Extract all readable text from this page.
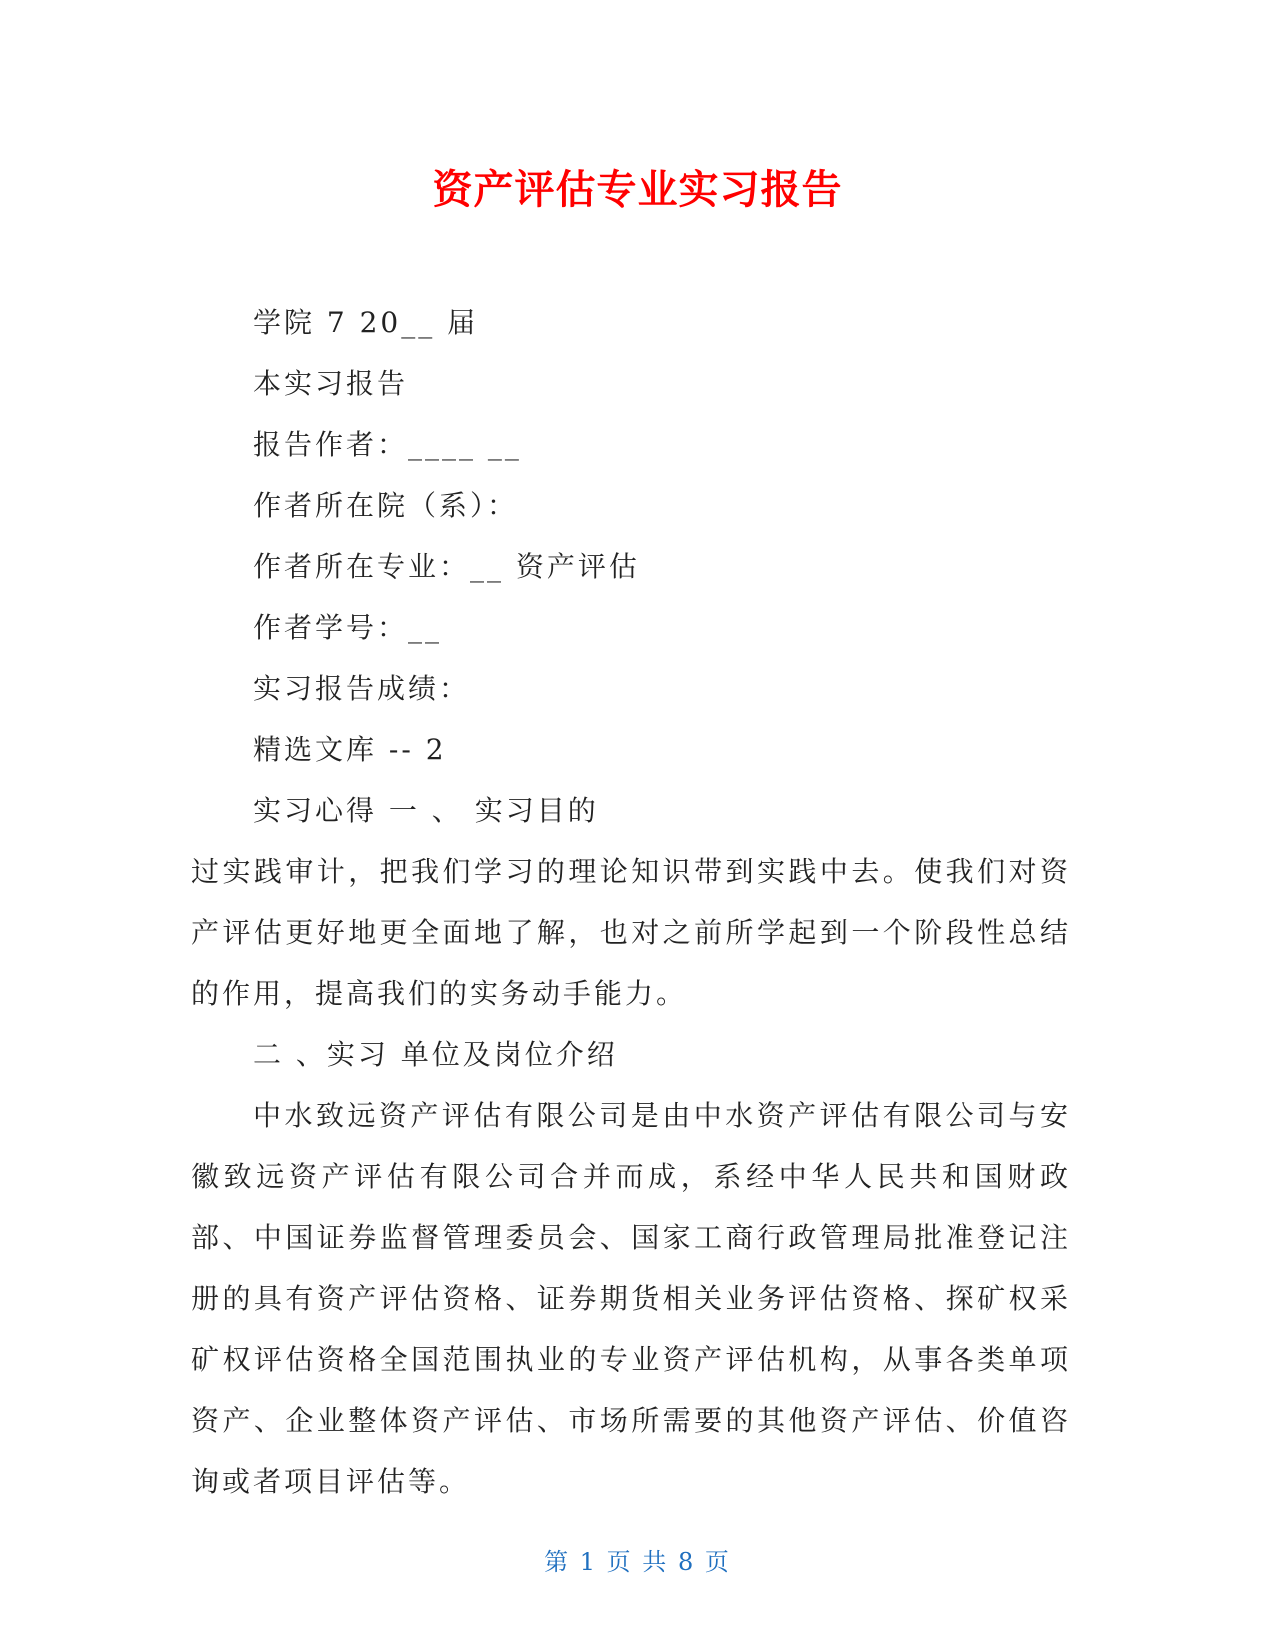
资产评估专业实习报告

学院 7 20__ 届

本实习报告

报告作者：____ __

作者所在院（系）：

作者所在专业：__ 资产评估

作者学号：__

实习报告成绩：

精选文库 -- 2

实习心得 一 、 实习目的

过实践审计，把我们学习的理论知识带到实践中去。使我们对资产评估更好地更全面地了解，也对之前所学起到一个阶段性总结的作用，提高我们的实务动手能力。

二 、实习 单位及岗位介绍

中水致远资产评估有限公司是由中水资产评估有限公司与安徽致远资产评估有限公司合并而成，系经中华人民共和国财政部、中国证券监督管理委员会、国家工商行政管理局批准登记注册的具有资产评估资格、证券期货相关业务评估资格、探矿权采矿权评估资格全国范围执业的专业资产评估机构，从事各类单项资产、企业整体资产评估、市场所需要的其他资产评估、价值咨询或者项目评估等。

第 1 页 共 8 页
